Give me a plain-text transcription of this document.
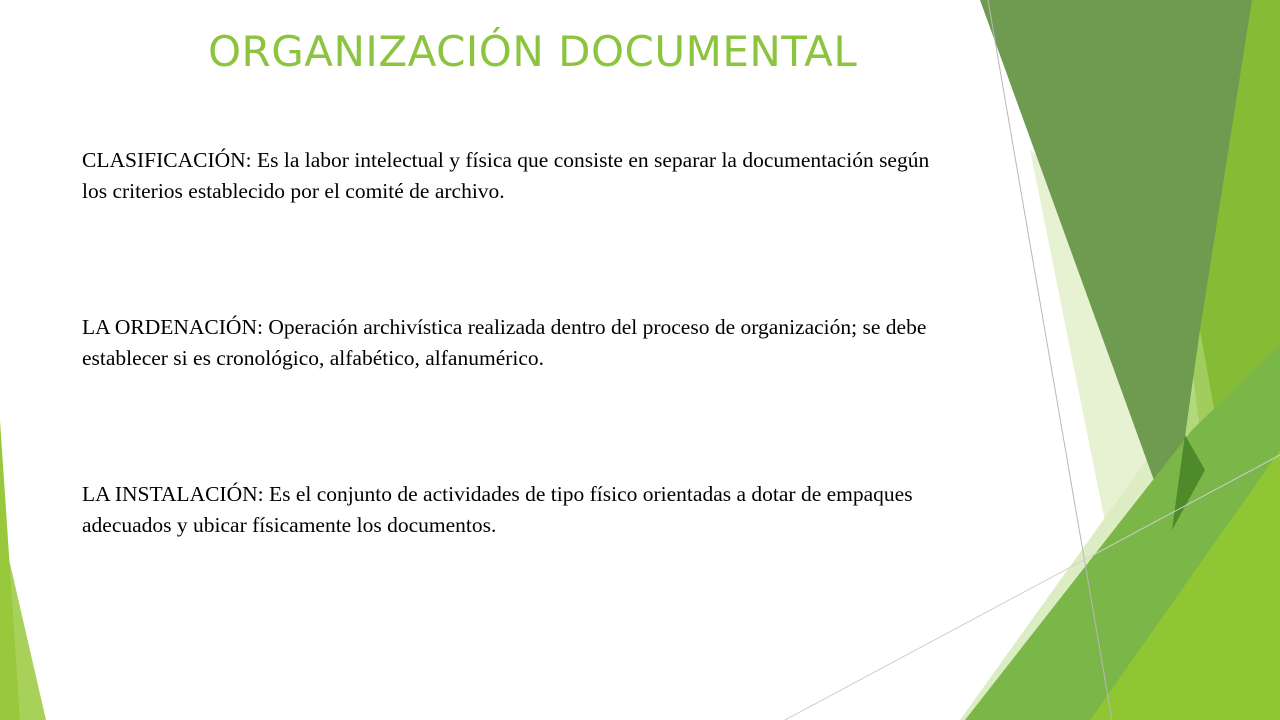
ORGANIZACIÓN DOCUMENTAL

CLASIFICACIÓN: Es la labor intelectual y física que consiste en separar la documentación según los criterios establecido por el comité de archivo.

LA ORDENACIÓN: Operación archivística realizada dentro del proceso de organización; se debe establecer si es cronológico, alfabético, alfanumérico.

LA INSTALACIÓN: Es el conjunto de actividades de tipo físico orientadas a dotar de empaques adecuados y ubicar físicamente los documentos.
